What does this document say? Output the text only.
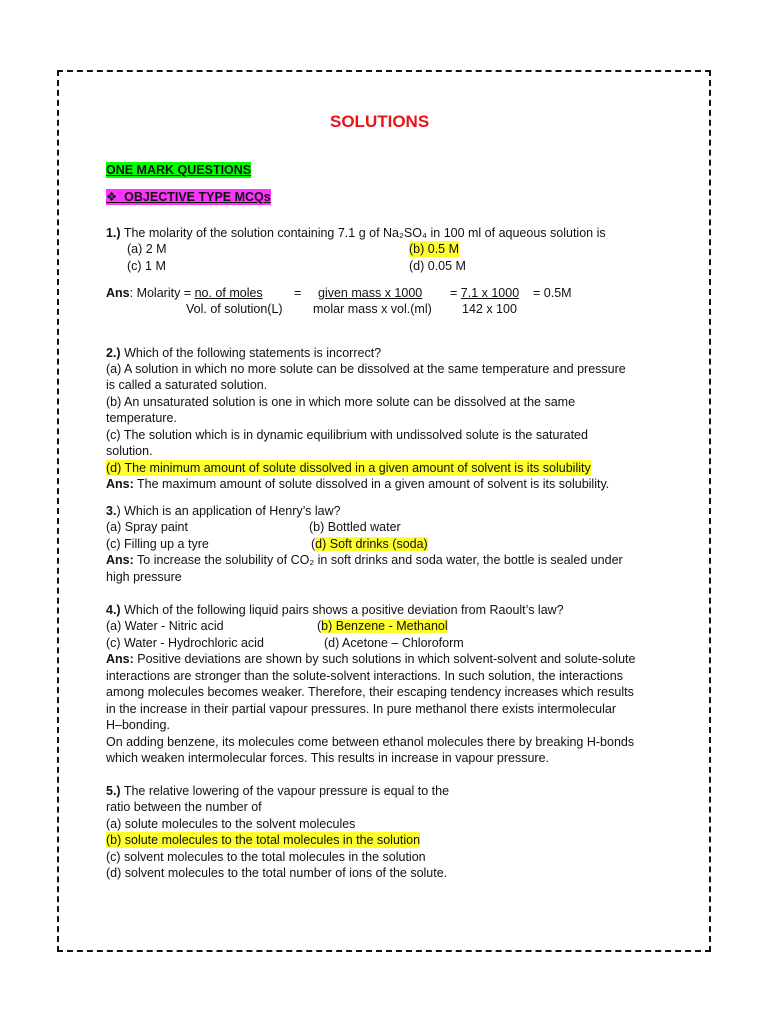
SOLUTIONS
ONE MARK QUESTIONS
❖ OBJECTIVE TYPE MCQs
1.) The molarity of the solution containing 7.1 g of Na₂SO₄ in 100 ml of aqueous solution is
(a) 2 M	(b) 0.5 M
(c) 1 M	(d) 0.05 M
Ans: Molarity = no. of moles	= given mass x 1000 = 7.1 x 1000 = 0.5M
Vol. of solution(L) molar mass x vol.(ml) 142 x 100
2.) Which of the following statements is incorrect?
(a) A solution in which no more solute can be dissolved at the same temperature and pressure
is called a saturated solution.
(b) An unsaturated solution is one in which more solute can be dissolved at the same
temperature.
(c) The solution which is in dynamic equilibrium with undissolved solute is the saturated
solution.
(d) The minimum amount of solute dissolved in a given amount of solvent is its solubility
Ans: The maximum amount of solute dissolved in a given amount of solvent is its solubility.
3.) Which is an application of Henry’s law?
(a) Spray paint	(b) Bottled water
(c) Filling up a tyre	(d) Soft drinks (soda)
Ans: To increase the solubility of CO₂ in soft drinks and soda water, the bottle is sealed under
high pressure
4.) Which of the following liquid pairs shows a positive deviation from Raoult’s law?
(a) Water - Nitric acid	(b) Benzene - Methanol
(c) Water - Hydrochloric acid	(d) Acetone – Chloroform
Ans: Positive deviations are shown by such solutions in which solvent-solvent and solute-solute
interactions are stronger than the solute-solvent interactions. In such solution, the interactions
among molecules becomes weaker. Therefore, their escaping tendency increases which results
in the increase in their partial vapour pressures. In pure methanol there exists intermolecular
H–bonding.
On adding benzene, its molecules come between ethanol molecules there by breaking H-bonds
which weaken intermolecular forces. This results in increase in vapour pressure.
5.) The relative lowering of the vapour pressure is equal to the
ratio between the number of
(a) solute molecules to the solvent molecules
(b) solute molecules to the total molecules in the solution
(c) solvent molecules to the total molecules in the solution
(d) solvent molecules to the total number of ions of the solute.
